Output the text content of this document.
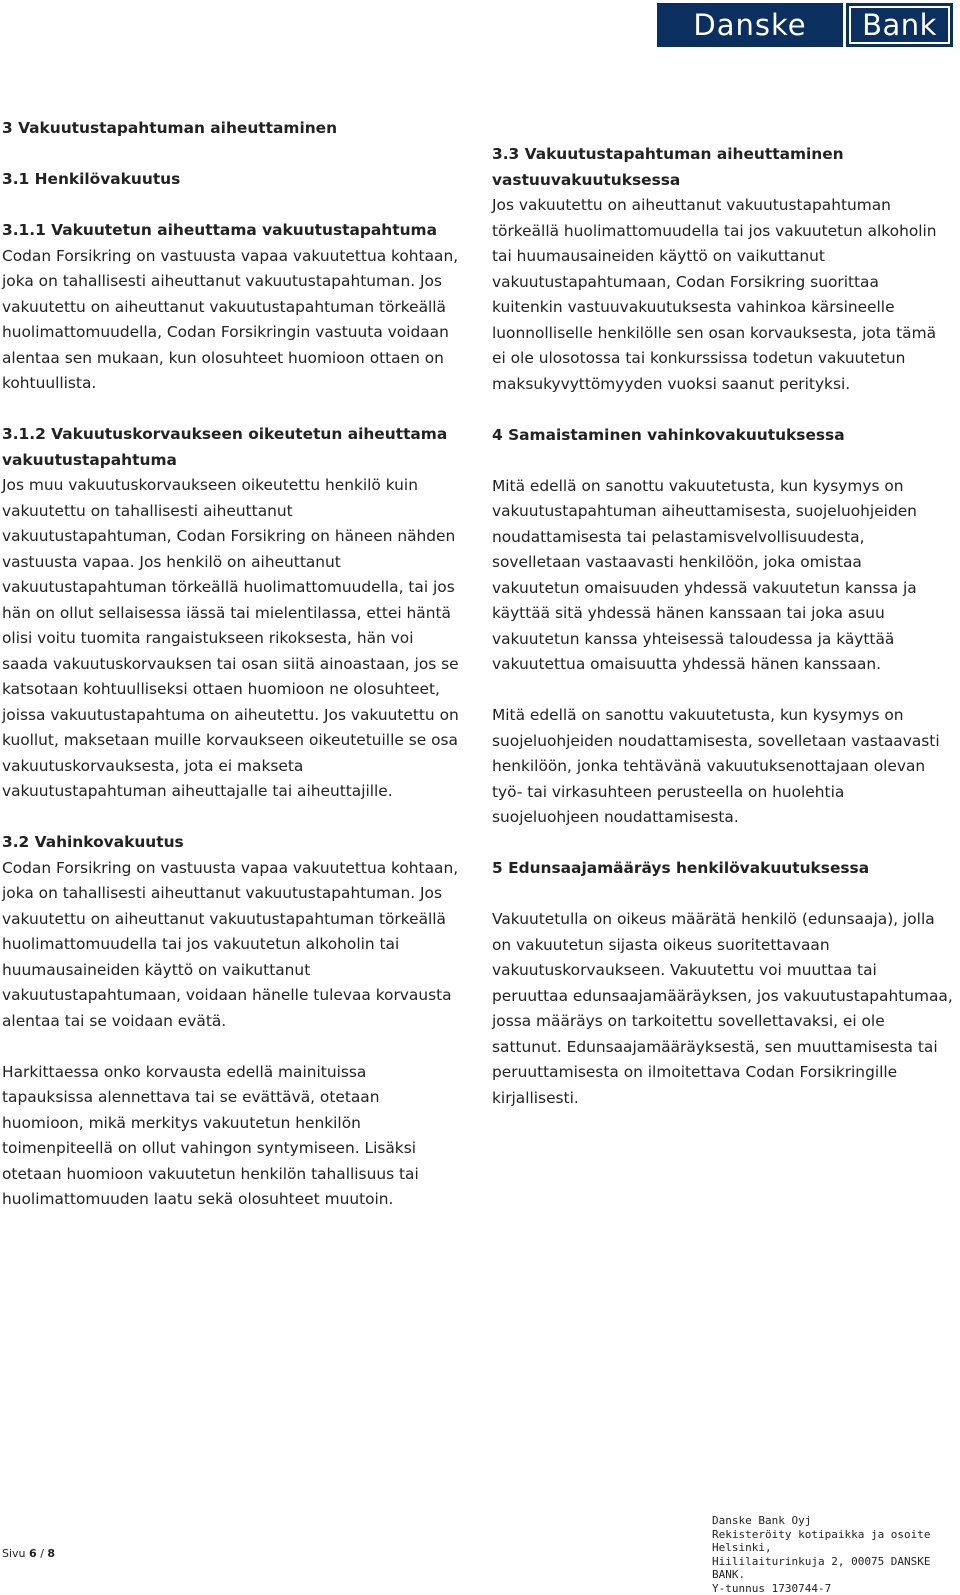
Danske	Bank

3 Vakuutustapahtuman aiheuttaminen

3.1 Henkilövakuutus

3.1.1 Vakuutetun aiheuttama vakuutustapahtuma

Codan Forsikring on vastuusta vapaa vakuutettua kohtaan, joka on tahallisesti aiheuttanut vakuutustapahtuman. Jos vakuutettu on aiheuttanut vakuutustapahtuman törkeällä huolimattomuudella, Codan Forsikringin vastuuta voidaan alentaa sen mukaan, kun olosuhteet huomioon ottaen on kohtuullista.

3.1.2 Vakuutuskorvaukseen oikeutetun aiheuttama vakuutustapahtuma

Jos muu vakuutuskorvaukseen oikeutettu henkilö kuin vakuutettu on tahallisesti aiheuttanut vakuutustapahtuman, Codan Forsikring on häneen nähden vastuusta vapaa. Jos henkilö on aiheuttanut vakuutustapahtuman törkeällä huolimattomuudella, tai jos hän on ollut sellaisessa iässä tai mielentilassa, ettei häntä olisi voitu tuomita rangaistukseen rikoksesta, hän voi saada vakuutuskorvauksen tai osan siitä ainoastaan, jos se katsotaan kohtuulliseksi ottaen huomioon ne olosuhteet, joissa vakuutustapahtuma on aiheutettu. Jos vakuutettu on kuollut, maksetaan muille korvaukseen oikeutetuille se osa vakuutuskorvauksesta, jota ei makseta vakuutustapahtuman aiheuttajalle tai aiheuttajille.

3.2 Vahinkovakuutus

Codan Forsikring on vastuusta vapaa vakuutettua kohtaan, joka on tahallisesti aiheuttanut vakuutustapahtuman. Jos vakuutettu on aiheuttanut vakuutustapahtuman törkeällä huolimattomuudella tai jos vakuutetun alkoholin tai huumausaineiden käyttö on vaikuttanut vakuutustapahtumaan, voidaan hänelle tulevaa korvausta alentaa tai se voidaan evätä.

Harkittaessa onko korvausta edellä mainituissa tapauksissa alennettava tai se evättävä, otetaan huomioon, mikä merkitys vakuutetun henkilön toimenpiteellä on ollut vahingon syntymiseen. Lisäksi otetaan huomioon vakuutetun henkilön tahallisuus tai huolimattomuuden laatu sekä olosuhteet muutoin.

3.3 Vakuutustapahtuman aiheuttaminen vastuuvakuutuksessa

Jos vakuutettu on aiheuttanut vakuutustapahtuman törkeällä huolimattomuudella tai jos vakuutetun alkoholin tai huumausaineiden käyttö on vaikuttanut vakuutustapahtumaan, Codan Forsikring suorittaa kuitenkin vastuuvakuutuksesta vahinkoa kärsineelle luonnolliselle henkilölle sen osan korvauksesta, jota tämä ei ole ulosotossa tai konkurssissa todetun vakuutetun maksukyvyttömyyden vuoksi saanut perityksi.

4 Samaistaminen vahinkovakuutuksessa

Mitä edellä on sanottu vakuutetusta, kun kysymys on vakuutustapahtuman aiheuttamisesta, suojeluohjeiden noudattamisesta tai pelastamisvelvollisuudesta, sovelletaan vastaavasti henkilöön, joka omistaa vakuutetun omaisuuden yhdessä vakuutetun kanssa ja käyttää sitä yhdessä hänen kanssaan tai joka asuu vakuutetun kanssa yhteisessä taloudessa ja käyttää vakuutettua omaisuutta yhdessä hänen kanssaan.

Mitä edellä on sanottu vakuutetusta, kun kysymys on suojeluohjeiden noudattamisesta, sovelletaan vastaavasti henkilöön, jonka tehtävänä vakuutuksenottajaan olevan työ- tai virkasuhteen perusteella on huolehtia suojeluohjeen noudattamisesta.

5 Edunsaajamääräys henkilövakuutuksessa

Vakuutetulla on oikeus määrätä henkilö (edunsaaja), jolla on vakuutetun sijasta oikeus suoritettavaan vakuutuskorvaukseen. Vakuutettu voi muuttaa tai peruuttaa edunsaajamääräyksen, jos vakuutustapahtumaa, jossa määräys on tarkoitettu sovellettavaksi, ei ole sattunut. Edunsaajamääräyksestä, sen muuttamisesta tai peruuttamisesta on ilmoitettava Codan Forsikringille kirjallisesti.

Sivu 6 / 8
Danske Bank Oyj
Rekisteröity kotipaikka ja osoite Helsinki,
Hiililaiturinkuja 2, 00075 DANSKE BANK.
Y-tunnus 1730744-7
